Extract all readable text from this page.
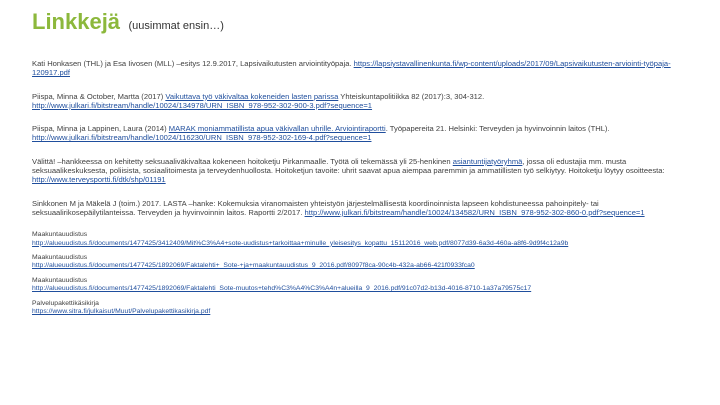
Linkkejä (uusimmat ensin…)

Kati Honkasen (THL) ja Esa Iivosen (MLL) –esitys 12.9.2017, Lapsivaikutusten arviointityöpaja. https://lapsiystavallinenkunta.fi/wp-content/uploads/2017/09/Lapsivaikutusten-arviointi-työpaja-120917.pdf

Piispa, Minna & October, Martta (2017) Vaikuttava työ väkivaltaa kokeneiden lasten parissa Yhteiskuntapolitiikka 82 (2017):3, 304-312. http://www.julkari.fi/bitstream/handle/10024/134978/URN_ISBN_978-952-302-900-3.pdf?sequence=1

Piispa, Minna ja Lappinen, Laura (2014) MARAK moniammatillista apua väkivallan uhrille. Arviointiraportti. Työpapereita 21. Helsinki: Terveyden ja hyvinvoinnin laitos (THL). http://www.julkari.fi/bitstream/handle/10024/116230/URN_ISBN_978-952-302-169-4.pdf?sequence=1

Välittä! –hankkeessa on kehitetty seksuaaliväkivaltaa kokeneen hoitoketju Pirkanmaalle. Työtä oli tekemässä yli 25-henkinen asiantuntijatyöryhmä, jossa oli edustajia mm. musta seksuaalikeskuksesta, poliisista, sosiaalitoimesta ja terveydenhuollosta. Hoitoketjun tavoite: uhrit saavat apua aiempaa paremmin ja ammatillisten työ selkiytyy. Hoitoketju löytyy osoitteesta: http://www.terveysportti.fi/dtk/shp/01191

Sinkkonen M ja Mäkelä J (toim.) 2017. LASTA –hanke: Kokemuksia viranomaisten yhteistyön järjestelmällisestä koordinoinnista lapseen kohdistuneessa pahoinpitely- tai seksuaalirikosepäilytilanteissa. Terveyden ja hyvinvoinnin laitos. Raportti 2/2017. http://www.julkari.fi/bitstream/handle/10024/134582/URN_ISBN_978-952-302-860-0.pdf?sequence=1

Maakuntauudistus
http://alueuudistus.fi/documents/1477425/3412409/Mit%C3%A4+sote-uudistus+tarkoittaa+minulle_yleisesitys_kopattu_15112016_web.pdf/8077d39-6a3d-460a-a8f6-9d9f4c12a9b

Maakuntauudistus
http://alueuudistus.fi/documents/1477425/1892069/Faktalehti+_Sote-+ja+maakuntauudistus_9_2016.pdf/8097f8ca-90c4b-432a-ab66-421f0933fca0

Maakuntauudistus
http://alueuudistus.fi/documents/1477425/1892069/Faktalehti_Sote-muutos+tehd%C3%A4%C3%A4n+alueilla_9_2016.pdf/91c07d2-b13d-4016-8710-1a37a79575c17

Palvelupakettikäsikirja
https://www.sitra.fi/julkaisut/Muut/Palvelupakettikasikirja.pdf
